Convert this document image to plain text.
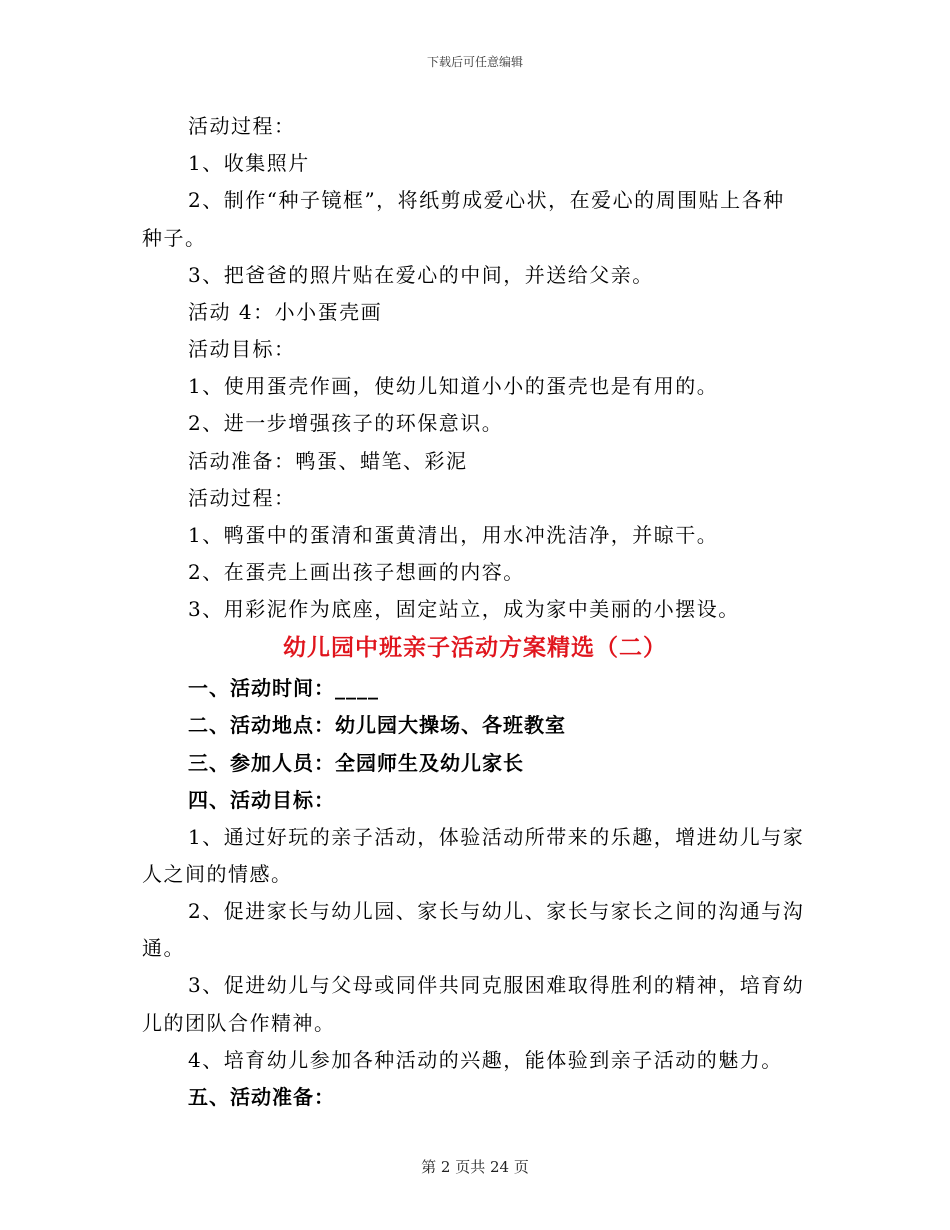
下载后可任意编辑
活动过程：
1、收集照片
2、制作“种子镜框”，将纸剪成爱心状，在爱心的周围贴上各种
种子。
3、把爸爸的照片贴在爱心的中间，并送给父亲。
活动 4：小小蛋壳画
活动目标：
1、使用蛋壳作画，使幼儿知道小小的蛋壳也是有用的。
2、进一步增强孩子的环保意识。
活动准备：鸭蛋、蜡笔、彩泥
活动过程：
1、鸭蛋中的蛋清和蛋黄清出，用水冲洗洁净，并晾干。
2、在蛋壳上画出孩子想画的内容。
3、用彩泥作为底座，固定站立，成为家中美丽的小摆设。
幼儿园中班亲子活动方案精选（二）
一、活动时间：____
二、活动地点：幼儿园大操场、各班教室
三、参加人员：全园师生及幼儿家长
四、活动目标：
1、通过好玩的亲子活动，体验活动所带来的乐趣，增进幼儿与家
人之间的情感。
2、促进家长与幼儿园、家长与幼儿、家长与家长之间的沟通与沟
通。
3、促进幼儿与父母或同伴共同克服困难取得胜利的精神，培育幼
儿的团队合作精神。
4、培育幼儿参加各种活动的兴趣，能体验到亲子活动的魅力。
五、活动准备：
第 2 页共 24 页
